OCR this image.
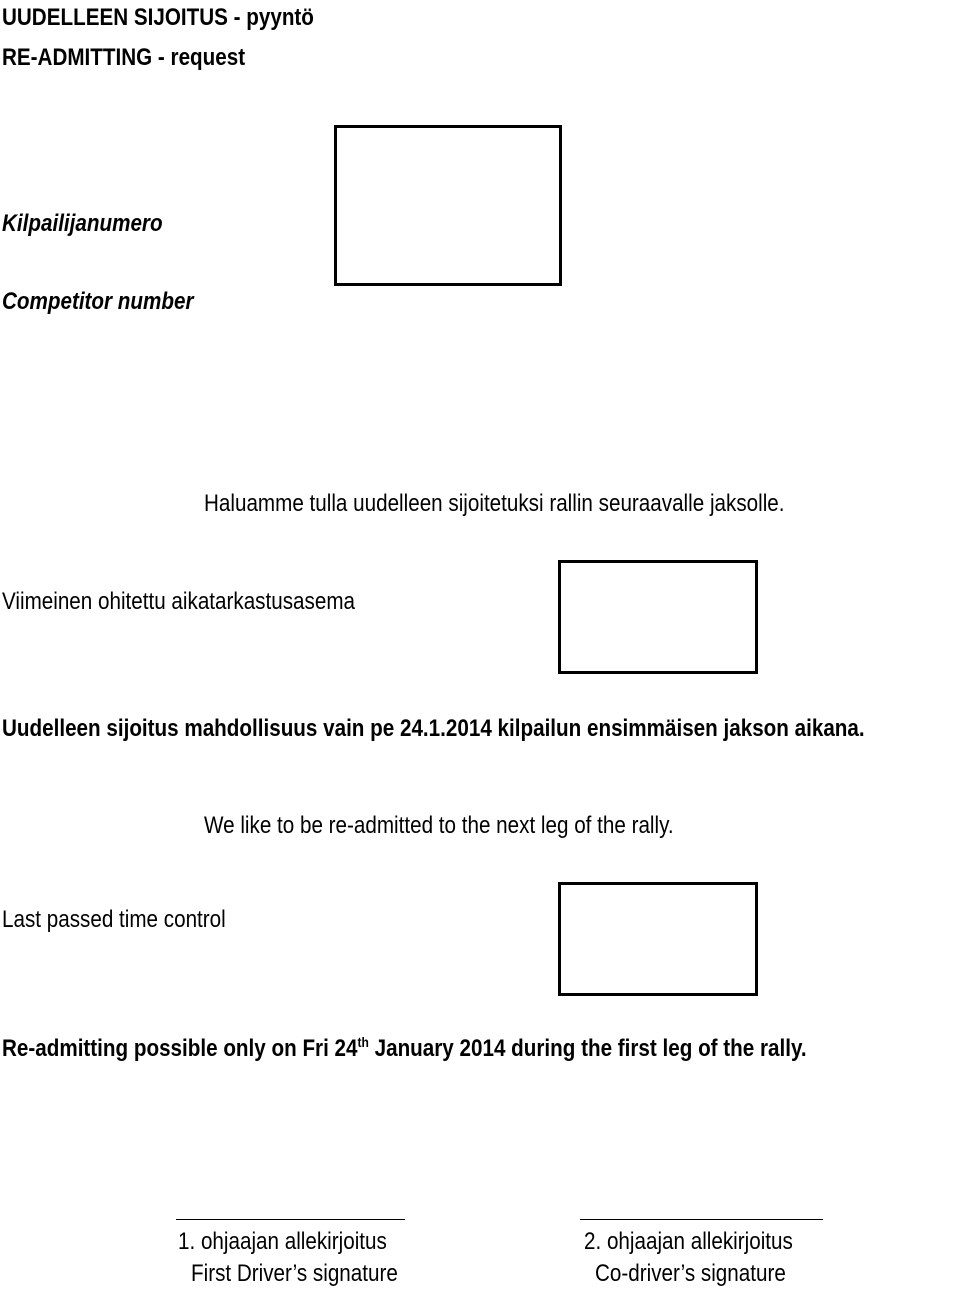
UUDELLEEN SIJOITUS - pyyntö
RE-ADMITTING - request
Kilpailijanumero
Competitor number
Haluamme tulla uudelleen sijoitetuksi rallin seuraavalle jaksolle.
Viimeinen ohitettu aikatarkastusasema
Uudelleen sijoitus mahdollisuus vain pe 24.1.2014 kilpailun ensimmäisen jakson aikana.
We like to be re-admitted to the next leg of the rally.
Last passed time control
Re-admitting possible only on Fri 24th January 2014 during the first leg of the rally.
1. ohjaajan allekirjoitus
First Driver’s signature
2. ohjaajan allekirjoitus
Co-driver’s signature
